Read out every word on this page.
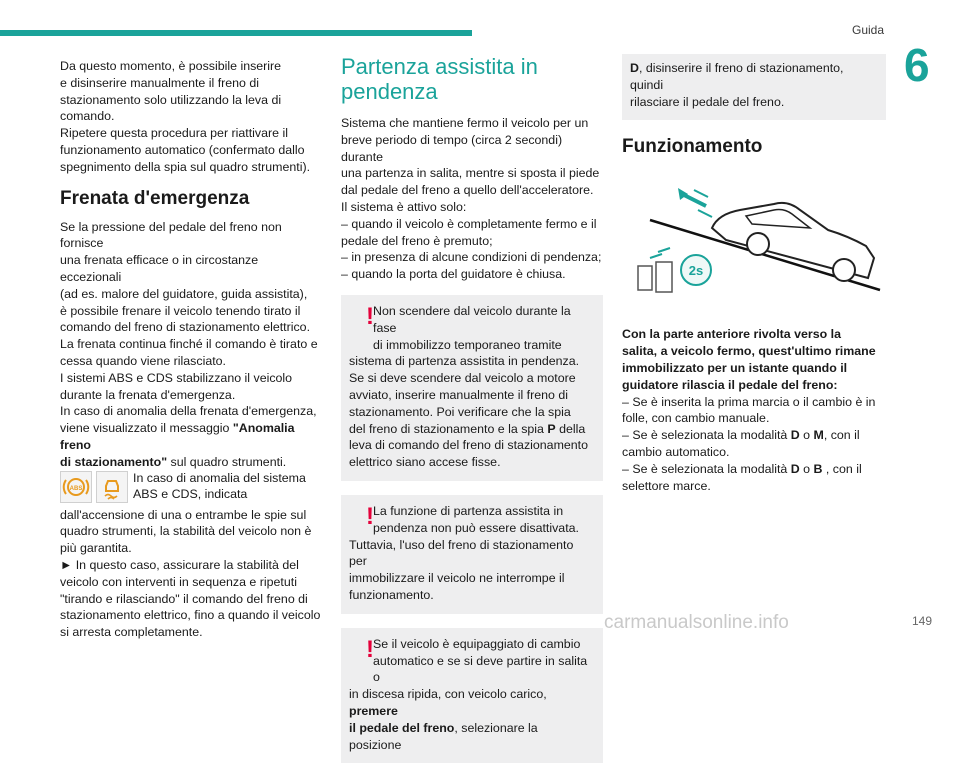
Guida
6

Da questo momento, è possibile inserire
e disinserire manualmente il freno di
stazionamento solo utilizzando la leva di
comando.
Ripetere questa procedura per riattivare il
funzionamento automatico (confermato dallo
spegnimento della spia sul quadro strumenti).

Frenata d'emergenza

Se la pressione del pedale del freno non fornisce
una frenata efficace o in circostanze eccezionali
(ad es. malore del guidatore, guida assistita),
è possibile frenare il veicolo tenendo tirato il
comando del freno di stazionamento elettrico.
La frenata continua finché il comando è tirato e
cessa quando viene rilasciato.
I sistemi ABS e CDS stabilizzano il veicolo
durante la frenata d'emergenza.
In caso di anomalia della frenata d'emergenza,
viene visualizzato il messaggio "Anomalia freno
di stazionamento" sul quadro strumenti.

ABS
In caso di anomalia del sistema
ABS e CDS, indicata

dall'accensione di una o entrambe le spie sul
quadro strumenti, la stabilità del veicolo non è
più garantita.
► In questo caso, assicurare la stabilità del
veicolo con interventi in sequenza e ripetuti
"tirando e rilasciando" il comando del freno di
stazionamento elettrico, fino a quando il veicolo
si arresta completamente.

Partenza assistita in
pendenza

Sistema che mantiene fermo il veicolo per un
breve periodo di tempo (circa 2 secondi) durante
una partenza in salita, mentre si sposta il piede
dal pedale del freno a quello dell'acceleratore.
Il sistema è attivo solo:
– quando il veicolo è completamente fermo e il
pedale del freno è premuto;
– in presenza di alcune condizioni di pendenza;
– quando la porta del guidatore è chiusa.

! Non scendere dal veicolo durante la fase
di immobilizzo temporaneo tramite
sistema di partenza assistita in pendenza.
Se si deve scendere dal veicolo a motore
avviato, inserire manualmente il freno di
stazionamento. Poi verificare che la spia
del freno di stazionamento e la spia P della
leva di comando del freno di stazionamento
elettrico siano accese fisse.
! La funzione di partenza assistita in
pendenza non può essere disattivata.
Tuttavia, l'uso del freno di stazionamento per
immobilizzare il veicolo ne interrompe il
funzionamento.
! Se il veicolo è equipaggiato di cambio
automatico e se si deve partire in salita o
in discesa ripida, con veicolo carico, premere
il pedale del freno, selezionare la posizione
D, disinserire il freno di stazionamento, quindi
rilasciare il pedale del freno.
Funzionamento
2s

Con la parte anteriore rivolta verso la
salita, a veicolo fermo, quest'ultimo rimane
immobilizzato per un istante quando il
guidatore rilascia il pedale del freno:
– Se è inserita la prima marcia o il cambio è in
folle, con cambio manuale.
– Se è selezionata la modalità D o M, con il
cambio automatico.
– Se è selezionata la modalità D o B , con il
selettore marce.

carmanualsonline.info	149
